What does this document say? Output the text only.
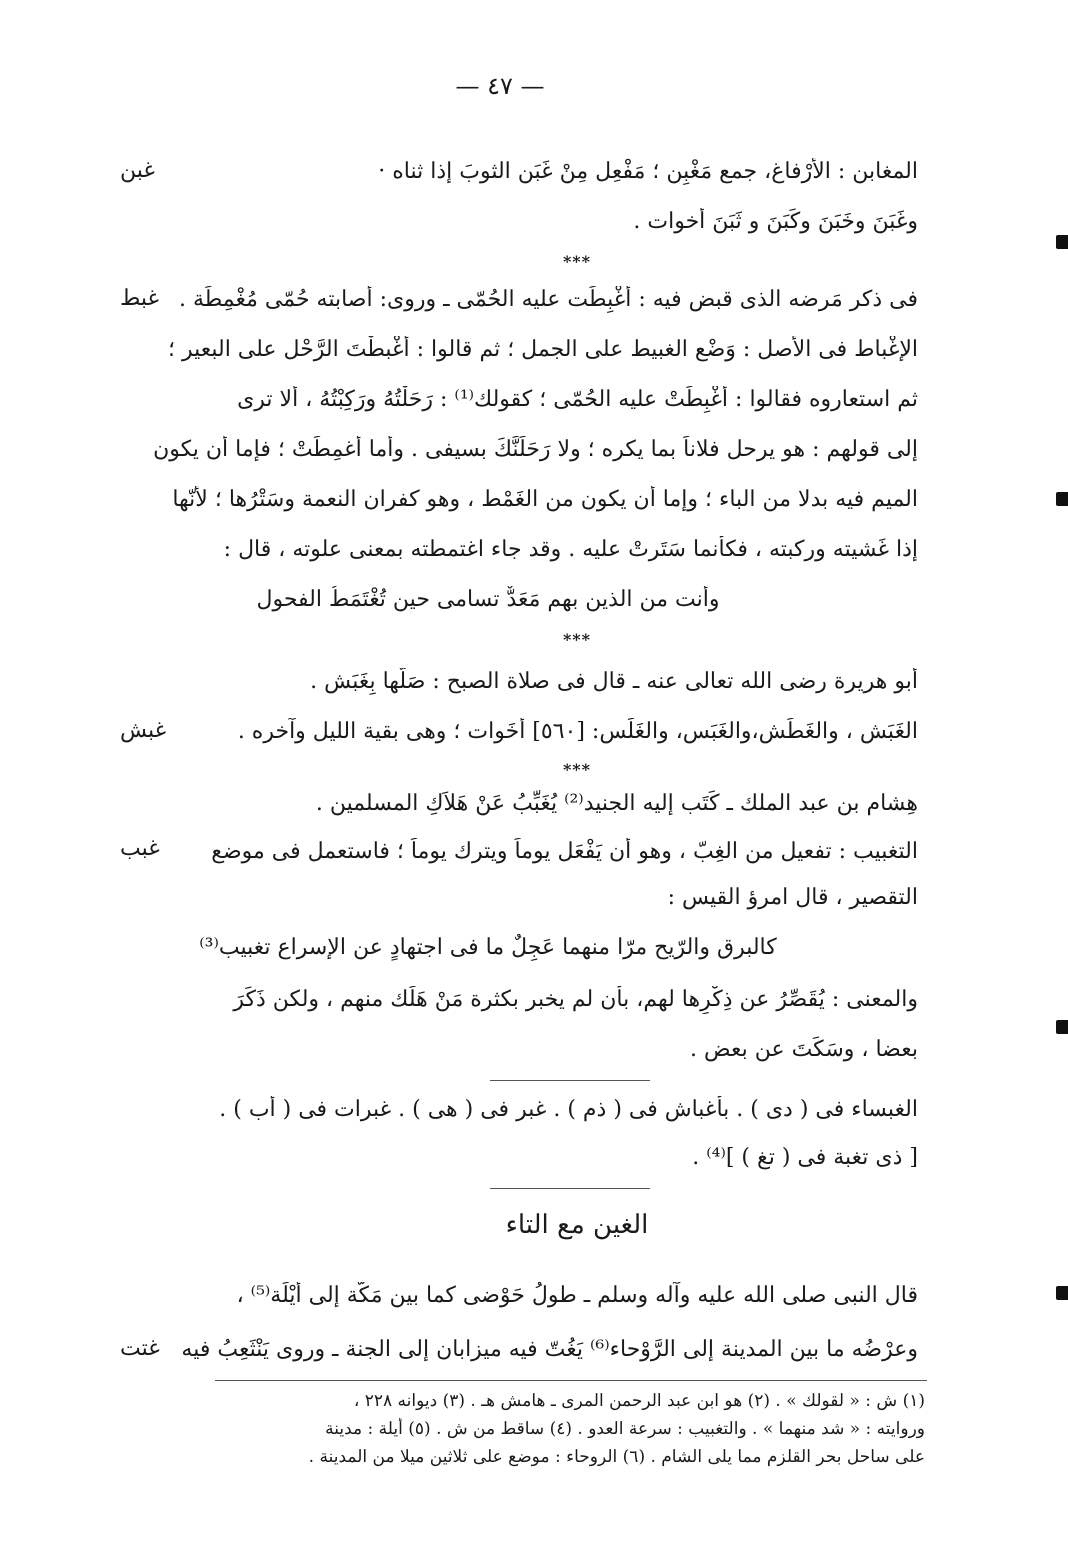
— ٤٧ —
غبن
غبط
غبش
غبب
غتت
المغابن : الأرْفاغ، جمع مَغْبِن ؛ مَفْعِل مِنْ غَبَن الثوبَ إذا ثناه ·
وغَبَنَ وخَبَنَ وكَبَنَ و ثَبَنَ أخوات .
***
فى ذكر مَرضه الذى قبض فيه : أُغْبِطَت عليه الحُمّى ـ وروى: أصابته حُمّى مُغْمِطَة .
الإغْباط فى الأصل : وَضْع الغبيط على الجمل ؛ ثم قالوا : أَغْبطْتَ الرَّحْل على البعير ؛
ثم استعاروه فقالوا : أُغْبِطَتْ عليه الحُمّى ؛ كقولك⁽¹⁾ : رَحَلْتُهُ ورَكِبْتُهُ ، ألا ترى
إلى قولهم : هو يرحل فلاناً بما يكره ؛ ولا رَحَلَنَّكَ بسيفى . وأما أُغمِطَتْ ؛ فإما أن يكون
الميم فيه بدلا من الباء ؛ وإما أن يكون من الغَمْط ، وهو كفران النعمة وسَتْرُها ؛ لأنّها
إذا غَشيته وركبته ، فكأنما سَتَرتْ عليه . وقد جاء اغتمطته بمعنى علوته ، قال :
وأنت من الذين بهم مَعَدٌّ تسامى حين تُغْتَمَطُ الفحول
***
أبو هريرة رضى الله تعالى عنه ـ قال فى صلاة الصبح : صَلّها بِغَبَش .
الغَبَش ، والغَطَش،والغَبَس، والغَلَس: [٥٦٠] أخَوات ؛ وهى بقية الليل وآخره .
***
هِشام بن عبد الملك ـ كَتَب إليه الجنيد⁽²⁾ يُغَبِّبُ عَنْ هَلاَكِ المسلمين .
التغبيب : تفعيل من الغِبّ ، وهو أن يَفْعَل يوماً ويترك يوماً ؛ فاستعمل فى موضع
التقصير ، قال امرؤ القيس :
كالبرق والرّيح مرّا منهما عَجِلٌ ما فى اجتهادٍ عن الإسراع تغبيب⁽³⁾
والمعنى : يُقَصِّرُ عن ذِكْرِها لهم، بأن لم يخبر بكثرة مَنْ هَلَك منهم ، ولكن ذَكَرَ
بعضا ، وسَكَتَ عن بعض .
الغبساء فى ( دى ) . بأغباش فى ( ذم ) . غبر فى ( هى ) . غبرات فى ( أب ) .
[ ذى تغبة فى ( تغ ) ]⁽⁴⁾ .
الغين مع التاء
قال النبى صلى الله عليه وآله وسلم ـ طولُ حَوْضى كما بين مَكّة إلى أيْلَة⁽⁵⁾ ،
وعرْضُه ما بين المدينة إلى الرَّوْحاء⁽⁶⁾ يَغُتّ فيه ميزابان إلى الجنة ـ وروى يَنْثَعِبُ فيه
(١) ش : « لقولك » . (٢) هو ابن عبد الرحمن المرى ـ هامش هـ . (٣) ديوانه ٢٢٨ ،
وروايته : « شد منهما » . والتغبيب : سرعة العدو . (٤) ساقط من ش . (٥) أيلة : مدينة
على ساحل بحر القلزم مما يلى الشام . (٦) الروحاء : موضع على ثلاثين ميلا من المدينة .
